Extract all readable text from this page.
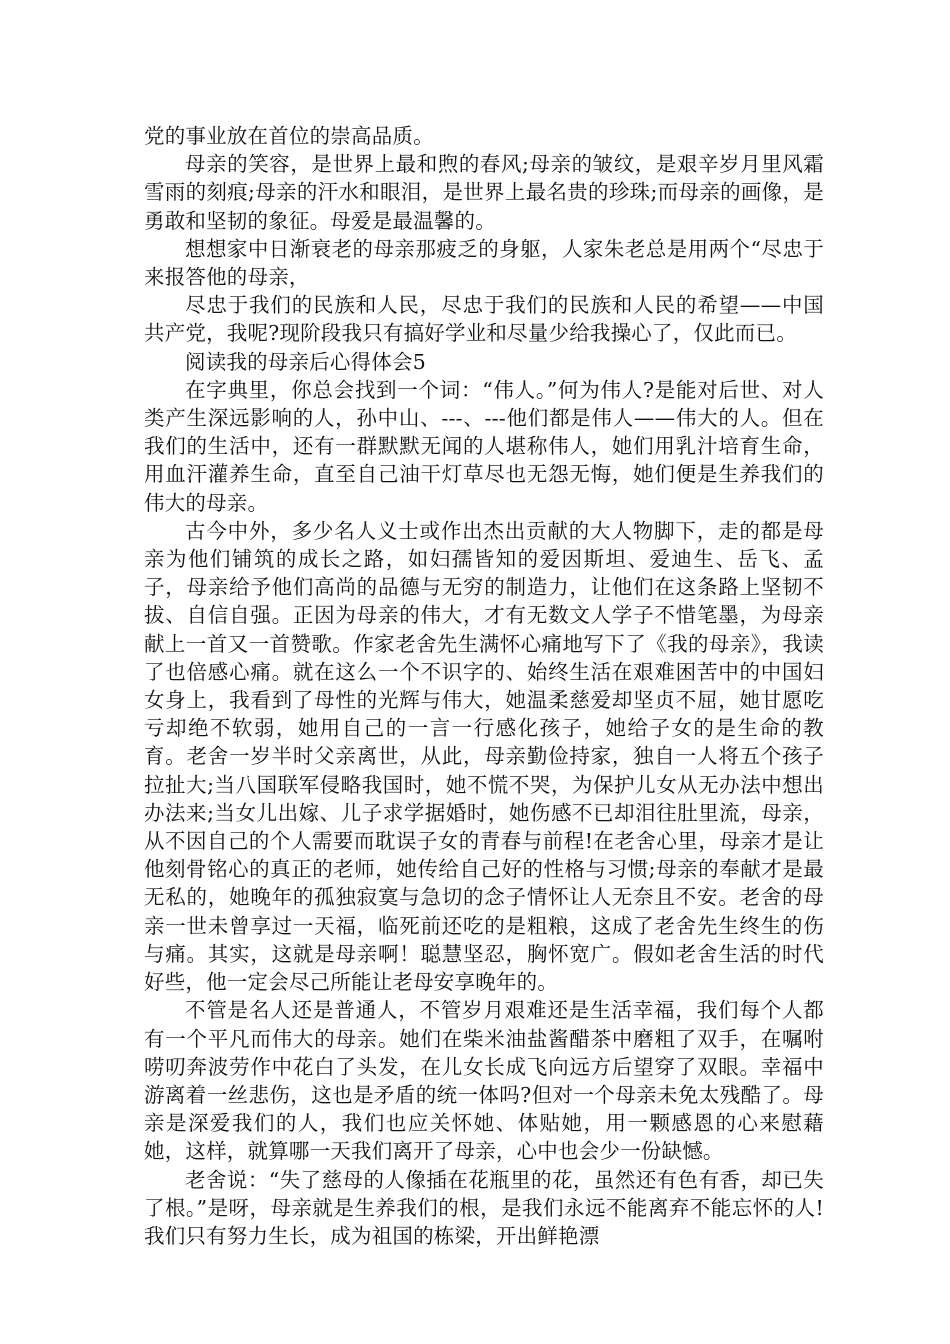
党的事业放在首位的崇高品质。

母亲的笑容，是世界上最和煦的春风;母亲的皱纹，是艰辛岁月里风霜雪雨的刻痕;母亲的汗水和眼泪，是世界上最名贵的珍珠;而母亲的画像，是勇敢和坚韧的象征。母爱是最温馨的。

想想家中日渐衰老的母亲那疲乏的身躯，人家朱老总是用两个“尽忠于来报答他的母亲，

尽忠于我们的民族和人民，尽忠于我们的民族和人民的希望——中国共产党，我呢?现阶段我只有搞好学业和尽量少给我操心了，仅此而已。

阅读我的母亲后心得体会5

在字典里，你总会找到一个词：“伟人。”何为伟人?是能对后世、对人类产生深远影响的人，孙中山、---、---他们都是伟人——伟大的人。但在我们的生活中，还有一群默默无闻的人堪称伟人，她们用乳汁培育生命，用血汗灌养生命，直至自己油干灯草尽也无怨无悔，她们便是生养我们的伟大的母亲。

古今中外，多少名人义士或作出杰出贡献的大人物脚下，走的都是母亲为他们铺筑的成长之路，如妇孺皆知的爱因斯坦、爱迪生、岳飞、孟子，母亲给予他们高尚的品德与无穷的制造力，让他们在这条路上坚韧不拔、自信自强。正因为母亲的伟大，才有无数文人学子不惜笔墨，为母亲献上一首又一首赞歌。作家老舍先生满怀心痛地写下了《我的母亲》，我读了也倍感心痛。就在这么一个不识字的、始终生活在艰难困苦中的中国妇女身上，我看到了母性的光辉与伟大，她温柔慈爱却坚贞不屈，她甘愿吃亏却绝不软弱，她用自己的一言一行感化孩子，她给子女的是生命的教育。老舍一岁半时父亲离世，从此，母亲勤俭持家，独自一人将五个孩子拉扯大;当八国联军侵略我国时，她不慌不哭，为保护儿女从无办法中想出办法来;当女儿出嫁、儿子求学据婚时，她伤感不已却泪往肚里流，母亲，从不因自己的个人需要而耽误子女的青春与前程!在老舍心里，母亲才是让他刻骨铭心的真正的老师，她传给自己好的性格与习惯;母亲的奉献才是最无私的，她晚年的孤独寂寞与急切的念子情怀让人无奈且不安。老舍的母亲一世未曾享过一天福，临死前还吃的是粗粮，这成了老舍先生终生的伤与痛。其实，这就是母亲啊！聪慧坚忍，胸怀宽广。假如老舍生活的时代好些，他一定会尽己所能让老母安享晚年的。

不管是名人还是普通人，不管岁月艰难还是生活幸福，我们每个人都有一个平凡而伟大的母亲。她们在柴米油盐酱醋茶中磨粗了双手，在嘱咐唠叨奔波劳作中花白了头发，在儿女长成飞向远方后望穿了双眼。幸福中游离着一丝悲伤，这也是矛盾的统一体吗?但对一个母亲未免太残酷了。母亲是深爱我们的人，我们也应关怀她、体贴她，用一颗感恩的心来慰藉她，这样，就算哪一天我们离开了母亲，心中也会少一份缺憾。

老舍说：“失了慈母的人像插在花瓶里的花，虽然还有色有香，却已失了根。”是呀，母亲就是生养我们的根，是我们永远不能离弃不能忘怀的人!我们只有努力生长，成为祖国的栋梁，开出鲜艳漂
